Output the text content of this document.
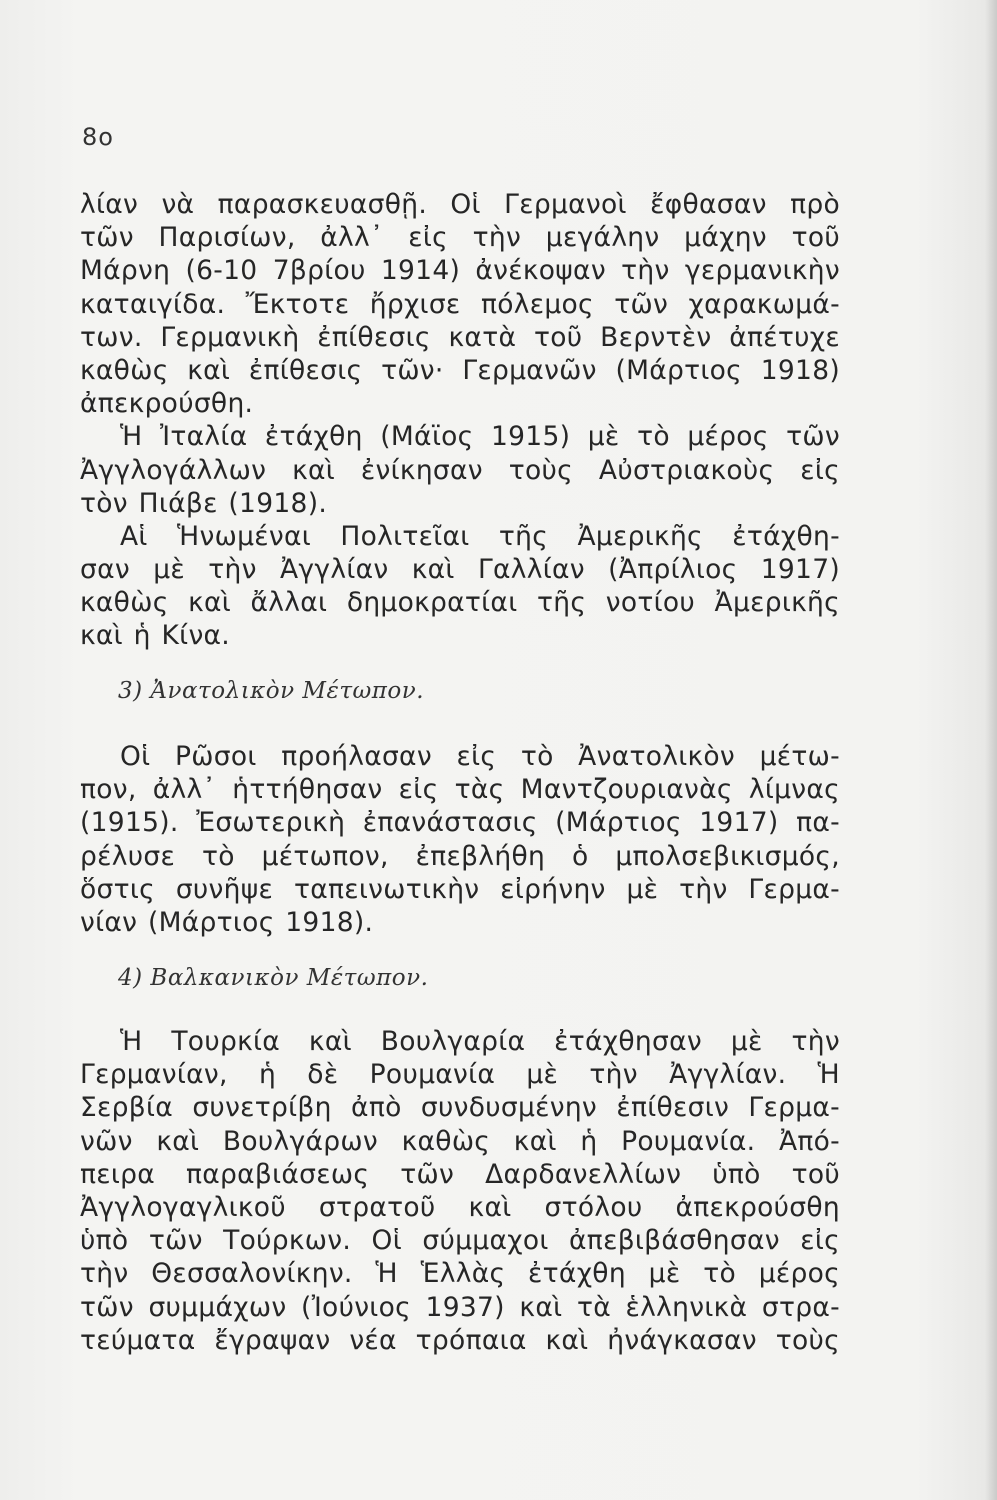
8ο
λίαν νὰ παρασκευασθῇ. Οἱ Γερμανοὶ ἔφθασαν πρὸ
τῶν Παρισίων, ἀλλ᾽ εἰς τὴν μεγάλην μάχην τοῦ
Μάρνη (6-10 7βρίου 1914) ἀνέκοψαν τὴν γερμανικὴν
καταιγίδα. Ἔκτοτε ἤρχισε πόλεμος τῶν χαρακωμά-
των. Γερμανικὴ ἐπίθεσις κατὰ τοῦ Βερντὲν ἀπέτυχε
καθὼς καὶ ἐπίθεσις τῶν· Γερμανῶν (Μάρτιος 1918)
ἀπεκρούσθη.
Ἡ Ἰταλία ἐτάχθη (Μάϊος 1915) μὲ τὸ μέρος τῶν
Ἀγγλογάλλων καὶ ἐνίκησαν τοὺς Αὐστριακοὺς εἰς
τὸν Πιάβε (1918).
Αἱ Ἡνωμέναι Πολιτεῖαι τῆς Ἀμερικῆς ἐτάχθη-
σαν μὲ τὴν Ἀγγλίαν καὶ Γαλλίαν (Ἀπρίλιος 1917)
καθὼς καὶ ἄλλαι δημοκρατίαι τῆς νοτίου Ἀμερικῆς
καὶ ἡ Κίνα.
3) Ἀνατολικὸν Μέτωπον.
Οἱ Ρῶσοι προήλασαν εἰς τὸ Ἀνατολικὸν μέτω-
πον, ἀλλ᾽ ἡττήθησαν εἰς τὰς Μαντζουριανὰς λίμνας
(1915). Ἐσωτερικὴ ἐπανάστασις (Μάρτιος 1917) πα-
ρέλυσε τὸ μέτωπον, ἐπεβλήθη ὁ μπολσεβικισμός,
ὅστις συνῆψε ταπεινωτικὴν εἰρήνην μὲ τὴν Γερμα-
νίαν (Μάρτιος 1918).
4) Βαλκανικὸν Μέτωπον.
Ἡ Τουρκία καὶ Βουλγαρία ἐτάχθησαν μὲ τὴν
Γερμανίαν, ἡ δὲ Ρουμανία μὲ τὴν Ἀγγλίαν. Ἡ
Σερβία συνετρίβη ἀπὸ συνδυσμένην ἐπίθεσιν Γερμα-
νῶν καὶ Βουλγάρων καθὼς καὶ ἡ Ρουμανία. Ἀπό-
πειρα παραβιάσεως τῶν Δαρδανελλίων ὑπὸ τοῦ
Ἀγγλογαγλικοῦ στρατοῦ καὶ στόλου ἀπεκρούσθη
ὑπὸ τῶν Τούρκων. Οἱ σύμμαχοι ἀπεβιβάσθησαν εἰς
τὴν Θεσσαλονίκην. Ἡ Ἑλλὰς ἐτάχθη μὲ τὸ μέρος
τῶν συμμάχων (Ἰούνιος 1937) καὶ τὰ ἑλληνικὰ στρα-
τεύματα ἔγραψαν νέα τρόπαια καὶ ἠνάγκασαν τοὺς
